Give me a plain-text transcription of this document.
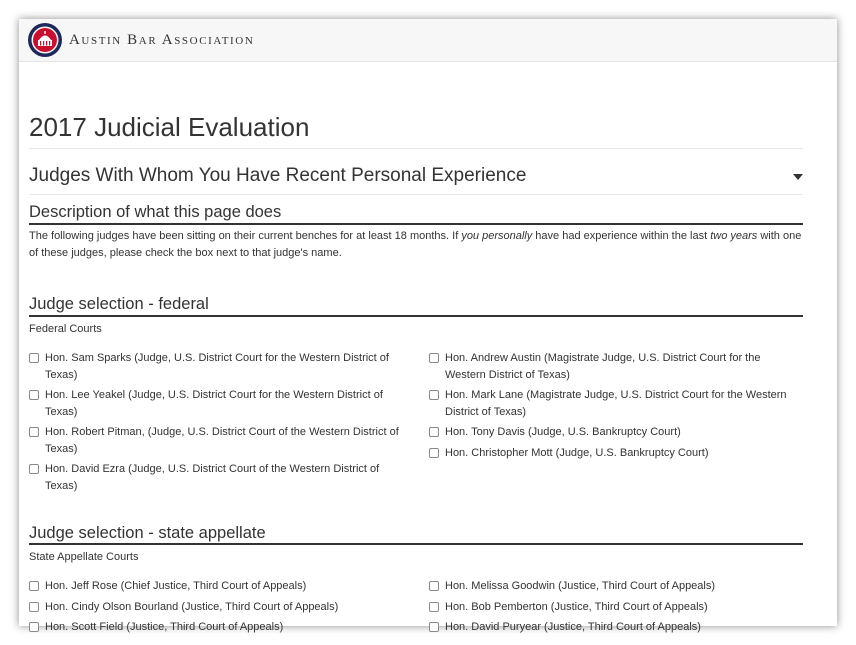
Austin Bar Association
2017 Judicial Evaluation
Judges With Whom You Have Recent Personal Experience
Description of what this page does

The following judges have been sitting on their current benches for at least 18 months. If you personally have had experience within the last two years with one of these judges, please check the box next to that judge's name.

Judge selection - federal
Federal Courts
Hon. Sam Sparks (Judge, U.S. District Court for the Western District of Texas)
Hon. Lee Yeakel (Judge, U.S. District Court for the Western District of Texas)
Hon. Robert Pitman, (Judge, U.S. District Court of the Western District of Texas)
Hon. David Ezra (Judge, U.S. District Court of the Western District of Texas)
Hon. Andrew Austin (Magistrate Judge, U.S. District Court for the Western District of Texas)
Hon. Mark Lane (Magistrate Judge, U.S. District Court for the Western District of Texas)
Hon. Tony Davis (Judge, U.S. Bankruptcy Court)
Hon. Christopher Mott (Judge, U.S. Bankruptcy Court)
Judge selection - state appellate
State Appellate Courts
Hon. Jeff Rose (Chief Justice, Third Court of Appeals)
Hon. Cindy Olson Bourland (Justice, Third Court of Appeals)
Hon. Scott Field (Justice, Third Court of Appeals)
Hon. Melissa Goodwin (Justice, Third Court of Appeals)
Hon. Bob Pemberton (Justice, Third Court of Appeals)
Hon. David Puryear (Justice, Third Court of Appeals)
